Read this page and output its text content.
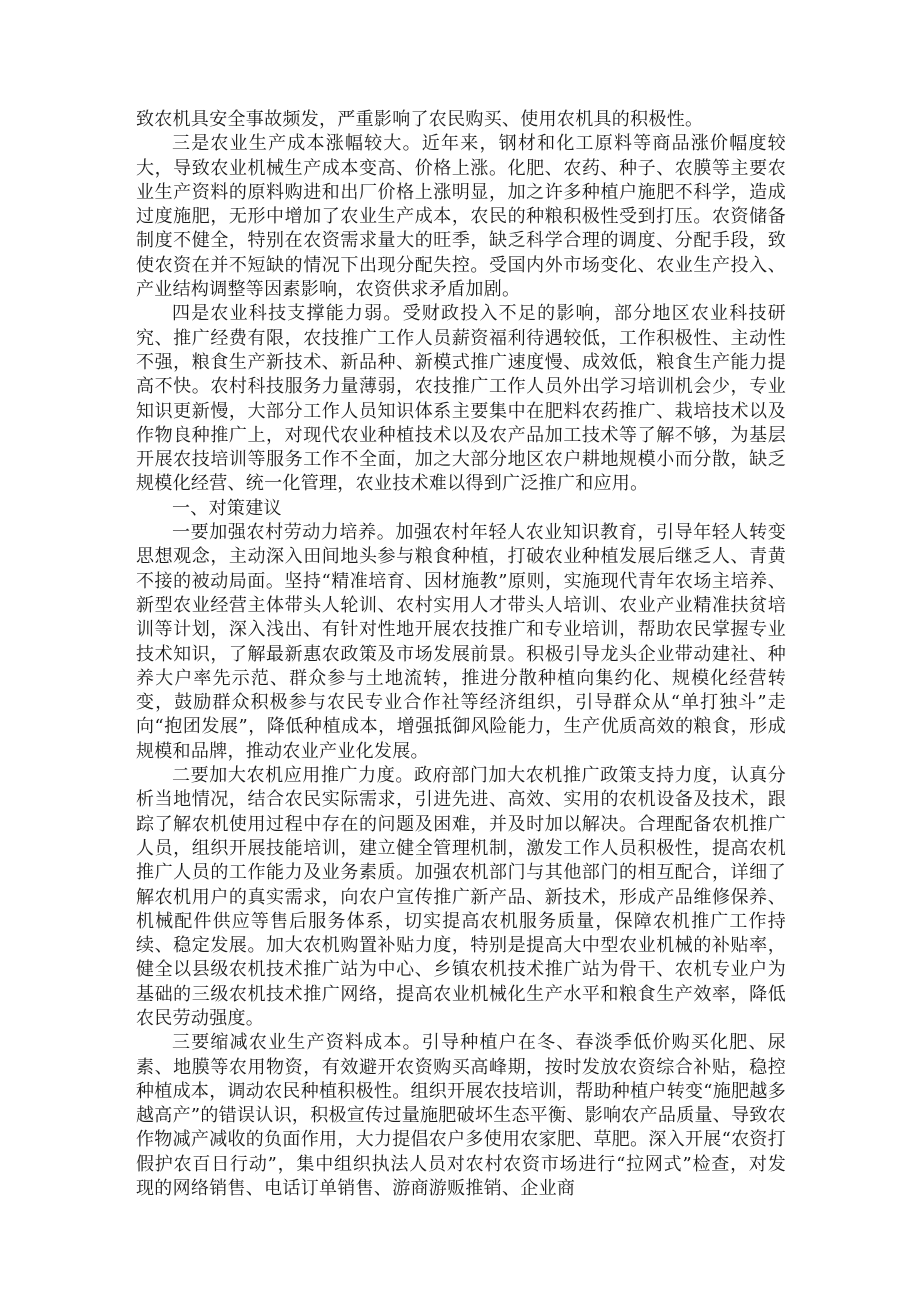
致农机具安全事故频发，严重影响了农民购买、使用农机具的积极性。

三是农业生产成本涨幅较大。近年来，钢材和化工原料等商品涨价幅度较大，导致农业机械生产成本变高、价格上涨。化肥、农药、种子、农膜等主要农业生产资料的原料购进和出厂价格上涨明显，加之许多种植户施肥不科学，造成过度施肥，无形中增加了农业生产成本，农民的种粮积极性受到打压。农资储备制度不健全，特别在农资需求量大的旺季，缺乏科学合理的调度、分配手段，致使农资在并不短缺的情况下出现分配失控。受国内外市场变化、农业生产投入、产业结构调整等因素影响，农资供求矛盾加剧。

四是农业科技支撑能力弱。受财政投入不足的影响，部分地区农业科技研究、推广经费有限，农技推广工作人员薪资福利待遇较低，工作积极性、主动性不强，粮食生产新技术、新品种、新模式推广速度慢、成效低，粮食生产能力提高不快。农村科技服务力量薄弱，农技推广工作人员外出学习培训机会少，专业知识更新慢，大部分工作人员知识体系主要集中在肥料农药推广、栽培技术以及作物良种推广上，对现代农业种植技术以及农产品加工技术等了解不够，为基层开展农技培训等服务工作不全面，加之大部分地区农户耕地规模小而分散，缺乏规模化经营、统一化管理，农业技术难以得到广泛推广和应用。

一、对策建议

一要加强农村劳动力培养。加强农村年轻人农业知识教育，引导年轻人转变思想观念，主动深入田间地头参与粮食种植，打破农业种植发展后继乏人、青黄不接的被动局面。坚持“精准培育、因材施教”原则，实施现代青年农场主培养、新型农业经营主体带头人轮训、农村实用人才带头人培训、农业产业精准扶贫培训等计划，深入浅出、有针对性地开展农技推广和专业培训，帮助农民掌握专业技术知识，了解最新惠农政策及市场发展前景。积极引导龙头企业带动建社、种养大户率先示范、群众参与土地流转，推进分散种植向集约化、规模化经营转变，鼓励群众积极参与农民专业合作社等经济组织，引导群众从“单打独斗”走向“抱团发展”，降低种植成本，增强抵御风险能力，生产优质高效的粮食，形成规模和品牌，推动农业产业化发展。

二要加大农机应用推广力度。政府部门加大农机推广政策支持力度，认真分析当地情况，结合农民实际需求，引进先进、高效、实用的农机设备及技术，跟踪了解农机使用过程中存在的问题及困难，并及时加以解决。合理配备农机推广人员，组织开展技能培训，建立健全管理机制，激发工作人员积极性，提高农机推广人员的工作能力及业务素质。加强农机部门与其他部门的相互配合，详细了解农机用户的真实需求，向农户宣传推广新产品、新技术，形成产品维修保养、机械配件供应等售后服务体系，切实提高农机服务质量，保障农机推广工作持续、稳定发展。加大农机购置补贴力度，特别是提高大中型农业机械的补贴率，健全以县级农机技术推广站为中心、乡镇农机技术推广站为骨干、农机专业户为基础的三级农机技术推广网络，提高农业机械化生产水平和粮食生产效率，降低农民劳动强度。

三要缩减农业生产资料成本。引导种植户在冬、春淡季低价购买化肥、尿素、地膜等农用物资，有效避开农资购买高峰期，按时发放农资综合补贴，稳控种植成本，调动农民种植积极性。组织开展农技培训，帮助种植户转变“施肥越多越高产”的错误认识，积极宣传过量施肥破坏生态平衡、影响农产品质量、导致农作物减产减收的负面作用，大力提倡农户多使用农家肥、草肥。深入开展“农资打假护农百日行动”，集中组织执法人员对农村农资市场进行“拉网式”检查，对发现的网络销售、电话订单销售、游商游贩推销、企业商
